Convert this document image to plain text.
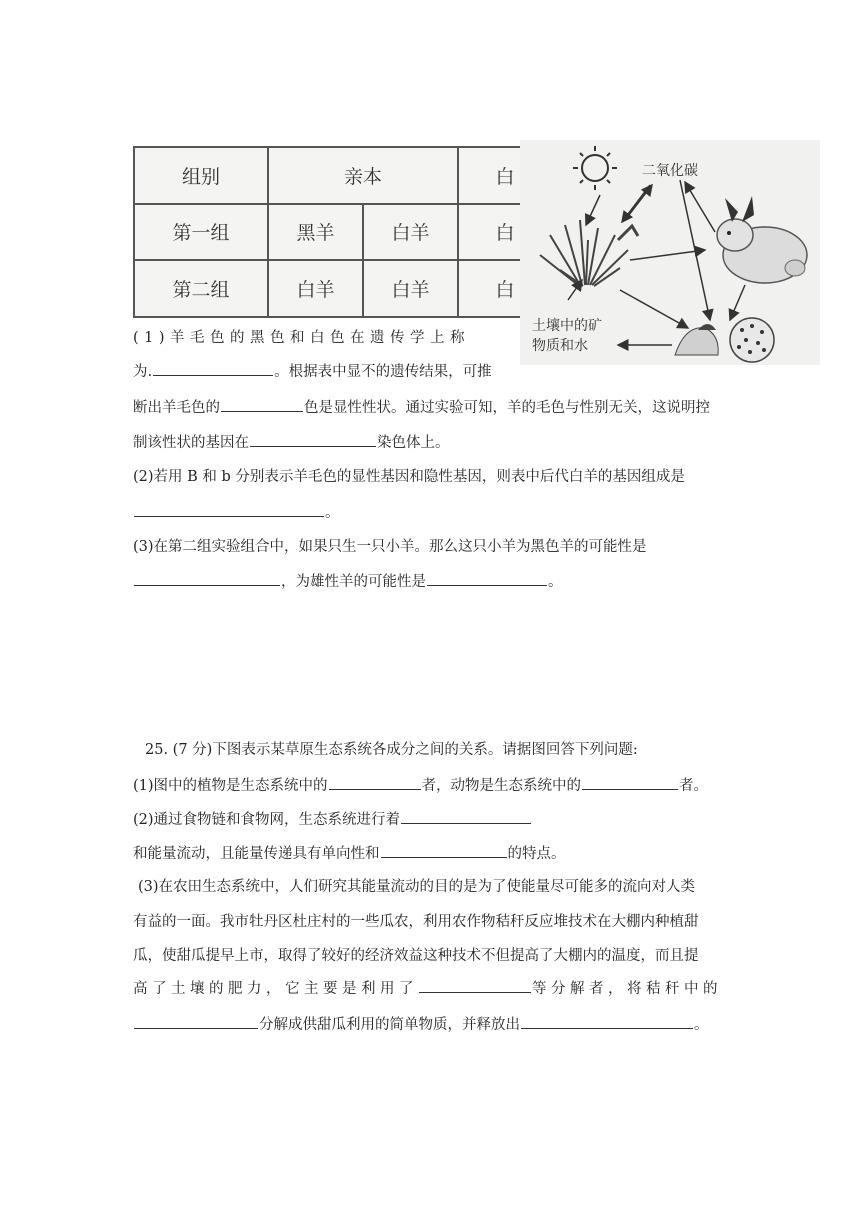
组别	亲本		白
第一组	黑羊	白羊	白
第二组	白羊	白羊	白
二氧化碳
土壤中的矿
物质和水
(1)羊毛色的黑色和白色在遗传学上称
为.	。根据表中显不的遗传结果，可推
断出羊毛色的	色是显性性状。通过实验可知，羊的毛色与性别无关，这说明控
制该性状的基因在	染色体上。
(2)若用 B 和 b 分别表示羊毛色的显性基因和隐性基因，则表中后代白羊的基因组成是
。
(3)在第二组实验组合中，如果只生一只小羊。那么这只小羊为黑色羊的可能性是
，为雄性羊的可能性是	。
25. (7 分)下图表示某草原生态系统各成分之间的关系。请据图回答下列问题:
(1)图中的植物是生态系统中的	者，动物是生态系统中的	者。
(2)通过食物链和食物网，生态系统进行着
和能量流动，且能量传递具有单向性和	的特点。
(3)在农田生态系统中，人们研究其能量流动的目的是为了使能量尽可能多的流向对人类
有益的一面。我市牡丹区杜庄村的一些瓜农，利用农作物秸秆反应堆技术在大棚内种植甜
瓜，使甜瓜提早上市，取得了较好的经济效益这种技术不但提高了大棚内的温度，而且提
高了土壤的肥力，它主要是利用了	等分解者，将秸秆中的
分解成供甜瓜利用的简单物质，并释放出	。
